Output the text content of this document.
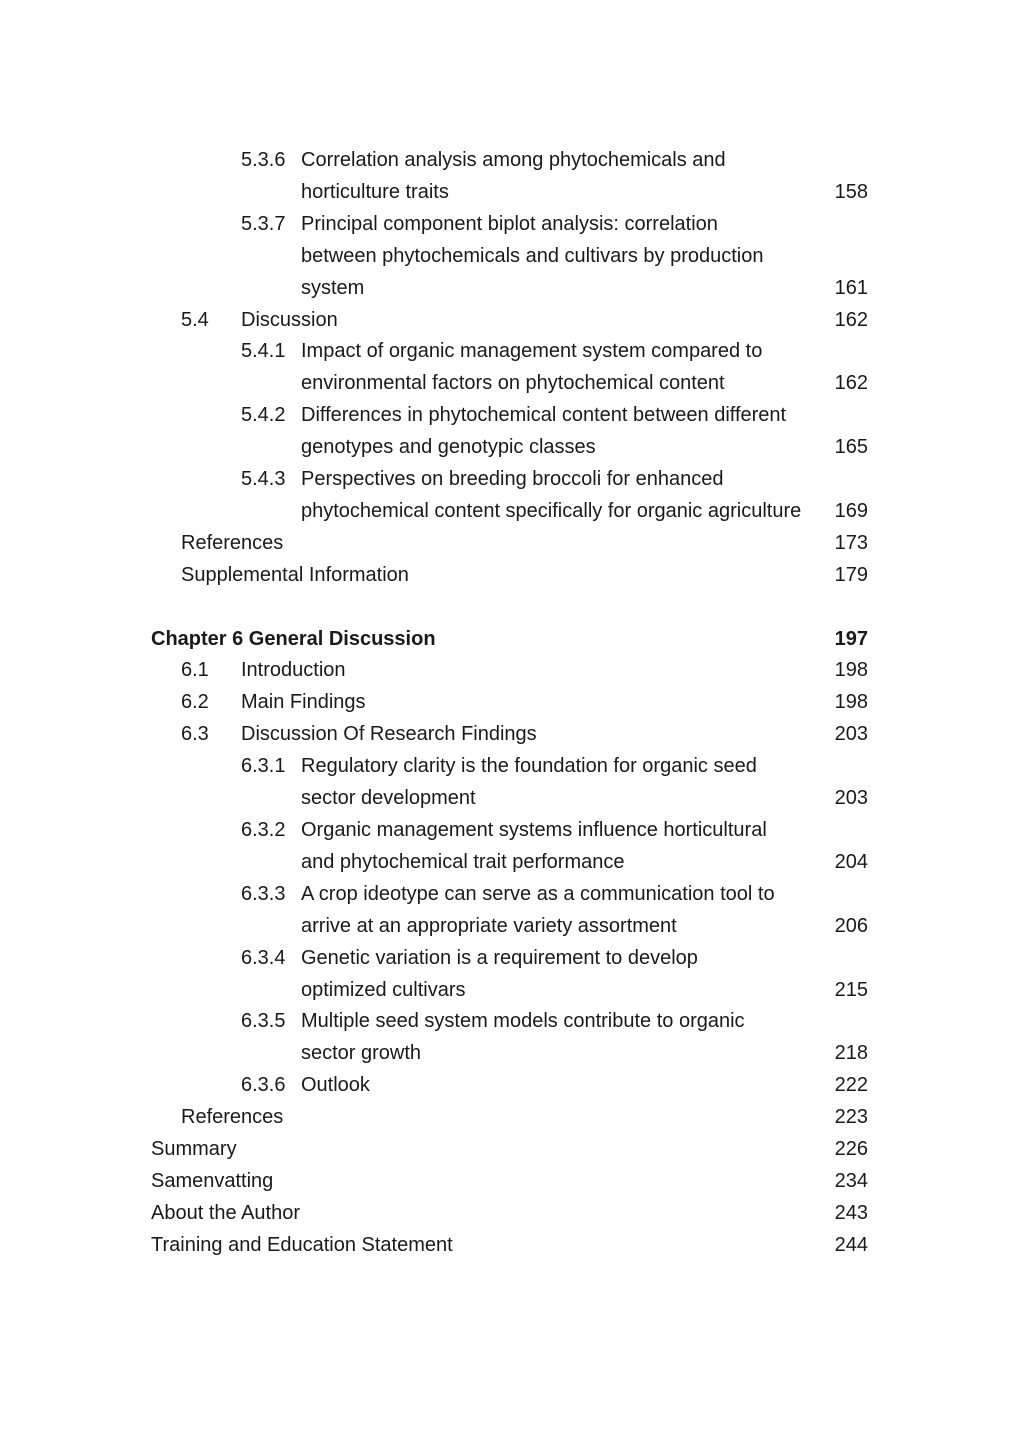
5.3.6 Correlation analysis among phytochemicals and
horticulture traits	158
5.3.7 Principal component biplot analysis: correlation
between phytochemicals and cultivars by production
system	161
5.4 Discussion	162
5.4.1 Impact of organic management system compared to
environmental factors on phytochemical content	162
5.4.2 Differences in phytochemical content between different
genotypes and genotypic classes	165
5.4.3 Perspectives on breeding broccoli for enhanced
phytochemical content specifically for organic agriculture	169
References	173
Supplemental Information	179
Chapter 6 General Discussion	197
6.1 Introduction	198
6.2 Main Findings	198
6.3 Discussion Of Research Findings	203
6.3.1 Regulatory clarity is the foundation for organic seed
sector development	203
6.3.2 Organic management systems influence horticultural
and phytochemical trait performance	204
6.3.3 A crop ideotype can serve as a communication tool to
arrive at an appropriate variety assortment	206
6.3.4 Genetic variation is a requirement to develop
optimized cultivars	215
6.3.5 Multiple seed system models contribute to organic
sector growth	218
6.3.6 Outlook	222
References	223
Summary	226
Samenvatting	234
About the Author	243
Training and Education Statement	244
